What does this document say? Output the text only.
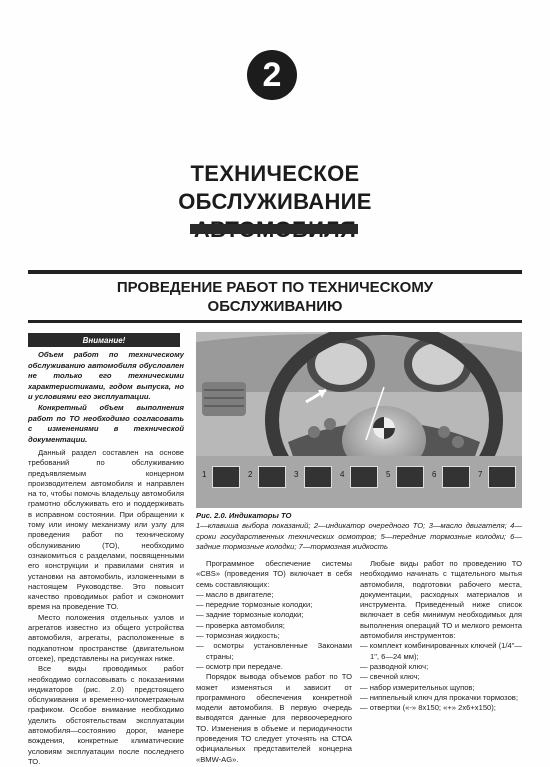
2
ТЕХНИЧЕСКОЕ ОБСЛУЖИВАНИЕ
ПРОВЕДЕНИЕ РАБОТ ПО ТЕХНИЧЕСКОМУ ОБСЛУЖИВАНИЮ
Внимание!

Объем работ по техническому обслуживанию автомобиля обусловлен не только его техническими характеристиками, годом выпуска, но и условиями его эксплуатации.

Конкретный объем выполнения работ по ТО необходимо согласовать с изменениями в технической документации.

Данный раздел составлен на основе требований по обслуживанию предъявляемым концерном производителем автомобиля и направлен на то, чтобы помочь владельцу автомобиля грамотно обслуживать его и поддерживать в исправном состоянии. При обращении к тому или иному механизму или узлу для проведения работ по техническому обслуживанию (ТО), необходимо ознакомиться с разделами, посвященными его конструкции и правилами снятия и установки на автомобиль, изложенными в настоящем Руководстве. Это повысит качество проводимых работ и сэкономит время на проведение ТО.

Место положения отдельных узлов и агрегатов известно из общего устройства автомобиля, агрегаты, расположенные в подкапотном пространстве (двигательном отсеке), представлены на рисунках ниже.

Все виды проводимых работ необходимо согласовывать с показаниями индикаторов (рис. 2.0) предстоящего обслуживания и временно-километражным графиком. Особое внимание необходимо уделить обстоятельствам эксплуатации автомобиля—состоянию дорог, манере вождения, конкретные климатические условиям эксплуатации после последнего ТО.

1	2	3	4	5	6	7
Рис. 2.0. Индикаторы ТО
1—клавиша выбора показаний; 2—индикатор очередного ТО; 3—масло двигателя; 4—сроки государственных технических осмотров; 5—передние тормозные колодки; 6—задние тормозные колодки; 7—тормозная жидкость

Программное обеспечение системы «CBS» (проведения ТО) включает в себя семь составляющих:

— масло в двигателе;
— передние тормозные колодки;
— задние тормозные колодки;
— проверка автомобиля;
— тормозная жидкость;
— осмотры установленные Законами страны;
— осмотр при передаче.

Порядок вывода объемов работ по ТО может изменяться и зависит от программного обеспечения конкретной модели автомобиля. В первую очередь выводятся данные для первоочередного ТО. Изменения в объеме и периодичности проведения ТО следует уточнять на СТОА официальных представителей концерна «BMW-AG».

Любые виды работ по проведению ТО необходимо начинать с тщательного мытья автомобиля, подготовки рабочего места, документации, расходных материалов и инструмента. Приведенный ниже список включает в себя минимум необходимых для выполнения операций ТО и мелкого ремонта автомобиля инструментов:

— комплект комбинированных ключей (1/4"—1", 6—24 мм);
— разводной ключ;
— свечной ключ;
— набор измерительных щупов;
— ниппельный ключ для прокачки тормозов;
— отвертки («-» 8x150; «+» 2x6+x150);
